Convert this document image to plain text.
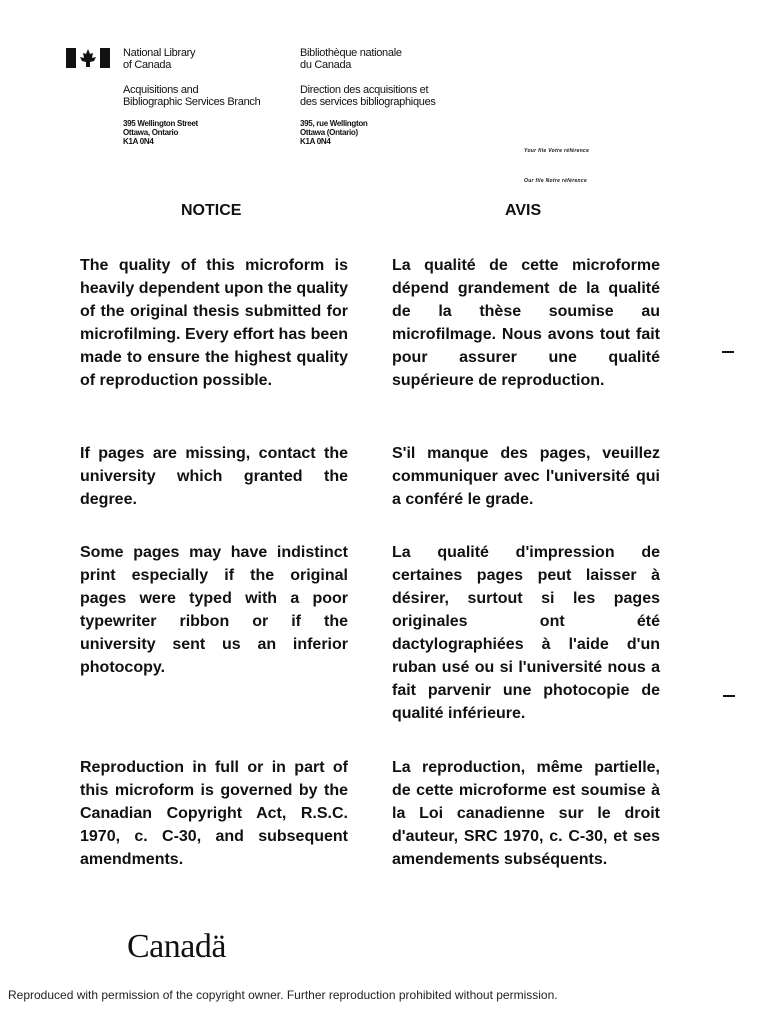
National Library
of Canada
Acquisitions and
Bibliographic Services Branch
395 Wellington Street
Ottawa, Ontario
K1A 0N4
Bibliothèque nationale
du Canada
Direction des acquisitions et
des services bibliographiques
395, rue Wellington
Ottawa (Ontario)
K1A 0N4
Your file Votre référence
Our file Notre référence
NOTICE	AVIS
The quality of this microform is heavily dependent upon the quality of the original thesis submitted for microfilming. Every effort has been made to ensure the highest quality of reproduction possible.
If pages are missing, contact the university which granted the degree.
Some pages may have indistinct print especially if the original pages were typed with a poor typewriter ribbon or if the university sent us an inferior photocopy.
Reproduction in full or in part of this microform is governed by the Canadian Copyright Act, R.S.C. 1970, c. C-30, and subsequent amendments.
La qualité de cette microforme dépend grandement de la qualité de la thèse soumise au microfilmage. Nous avons tout fait pour assurer une qualité supérieure de reproduction.
S'il manque des pages, veuillez communiquer avec l'université qui a conféré le grade.
La qualité d'impression de certaines pages peut laisser à désirer, surtout si les pages originales ont été dactylographiées à l'aide d'un ruban usé ou si l'université nous a fait parvenir une photocopie de qualité inférieure.
La reproduction, même partielle, de cette microforme est soumise à la Loi canadienne sur le droit d'auteur, SRC 1970, c. C-30, et ses amendements subséquents.
Canadä
Reproduced with permission of the copyright owner. Further reproduction prohibited without permission.
